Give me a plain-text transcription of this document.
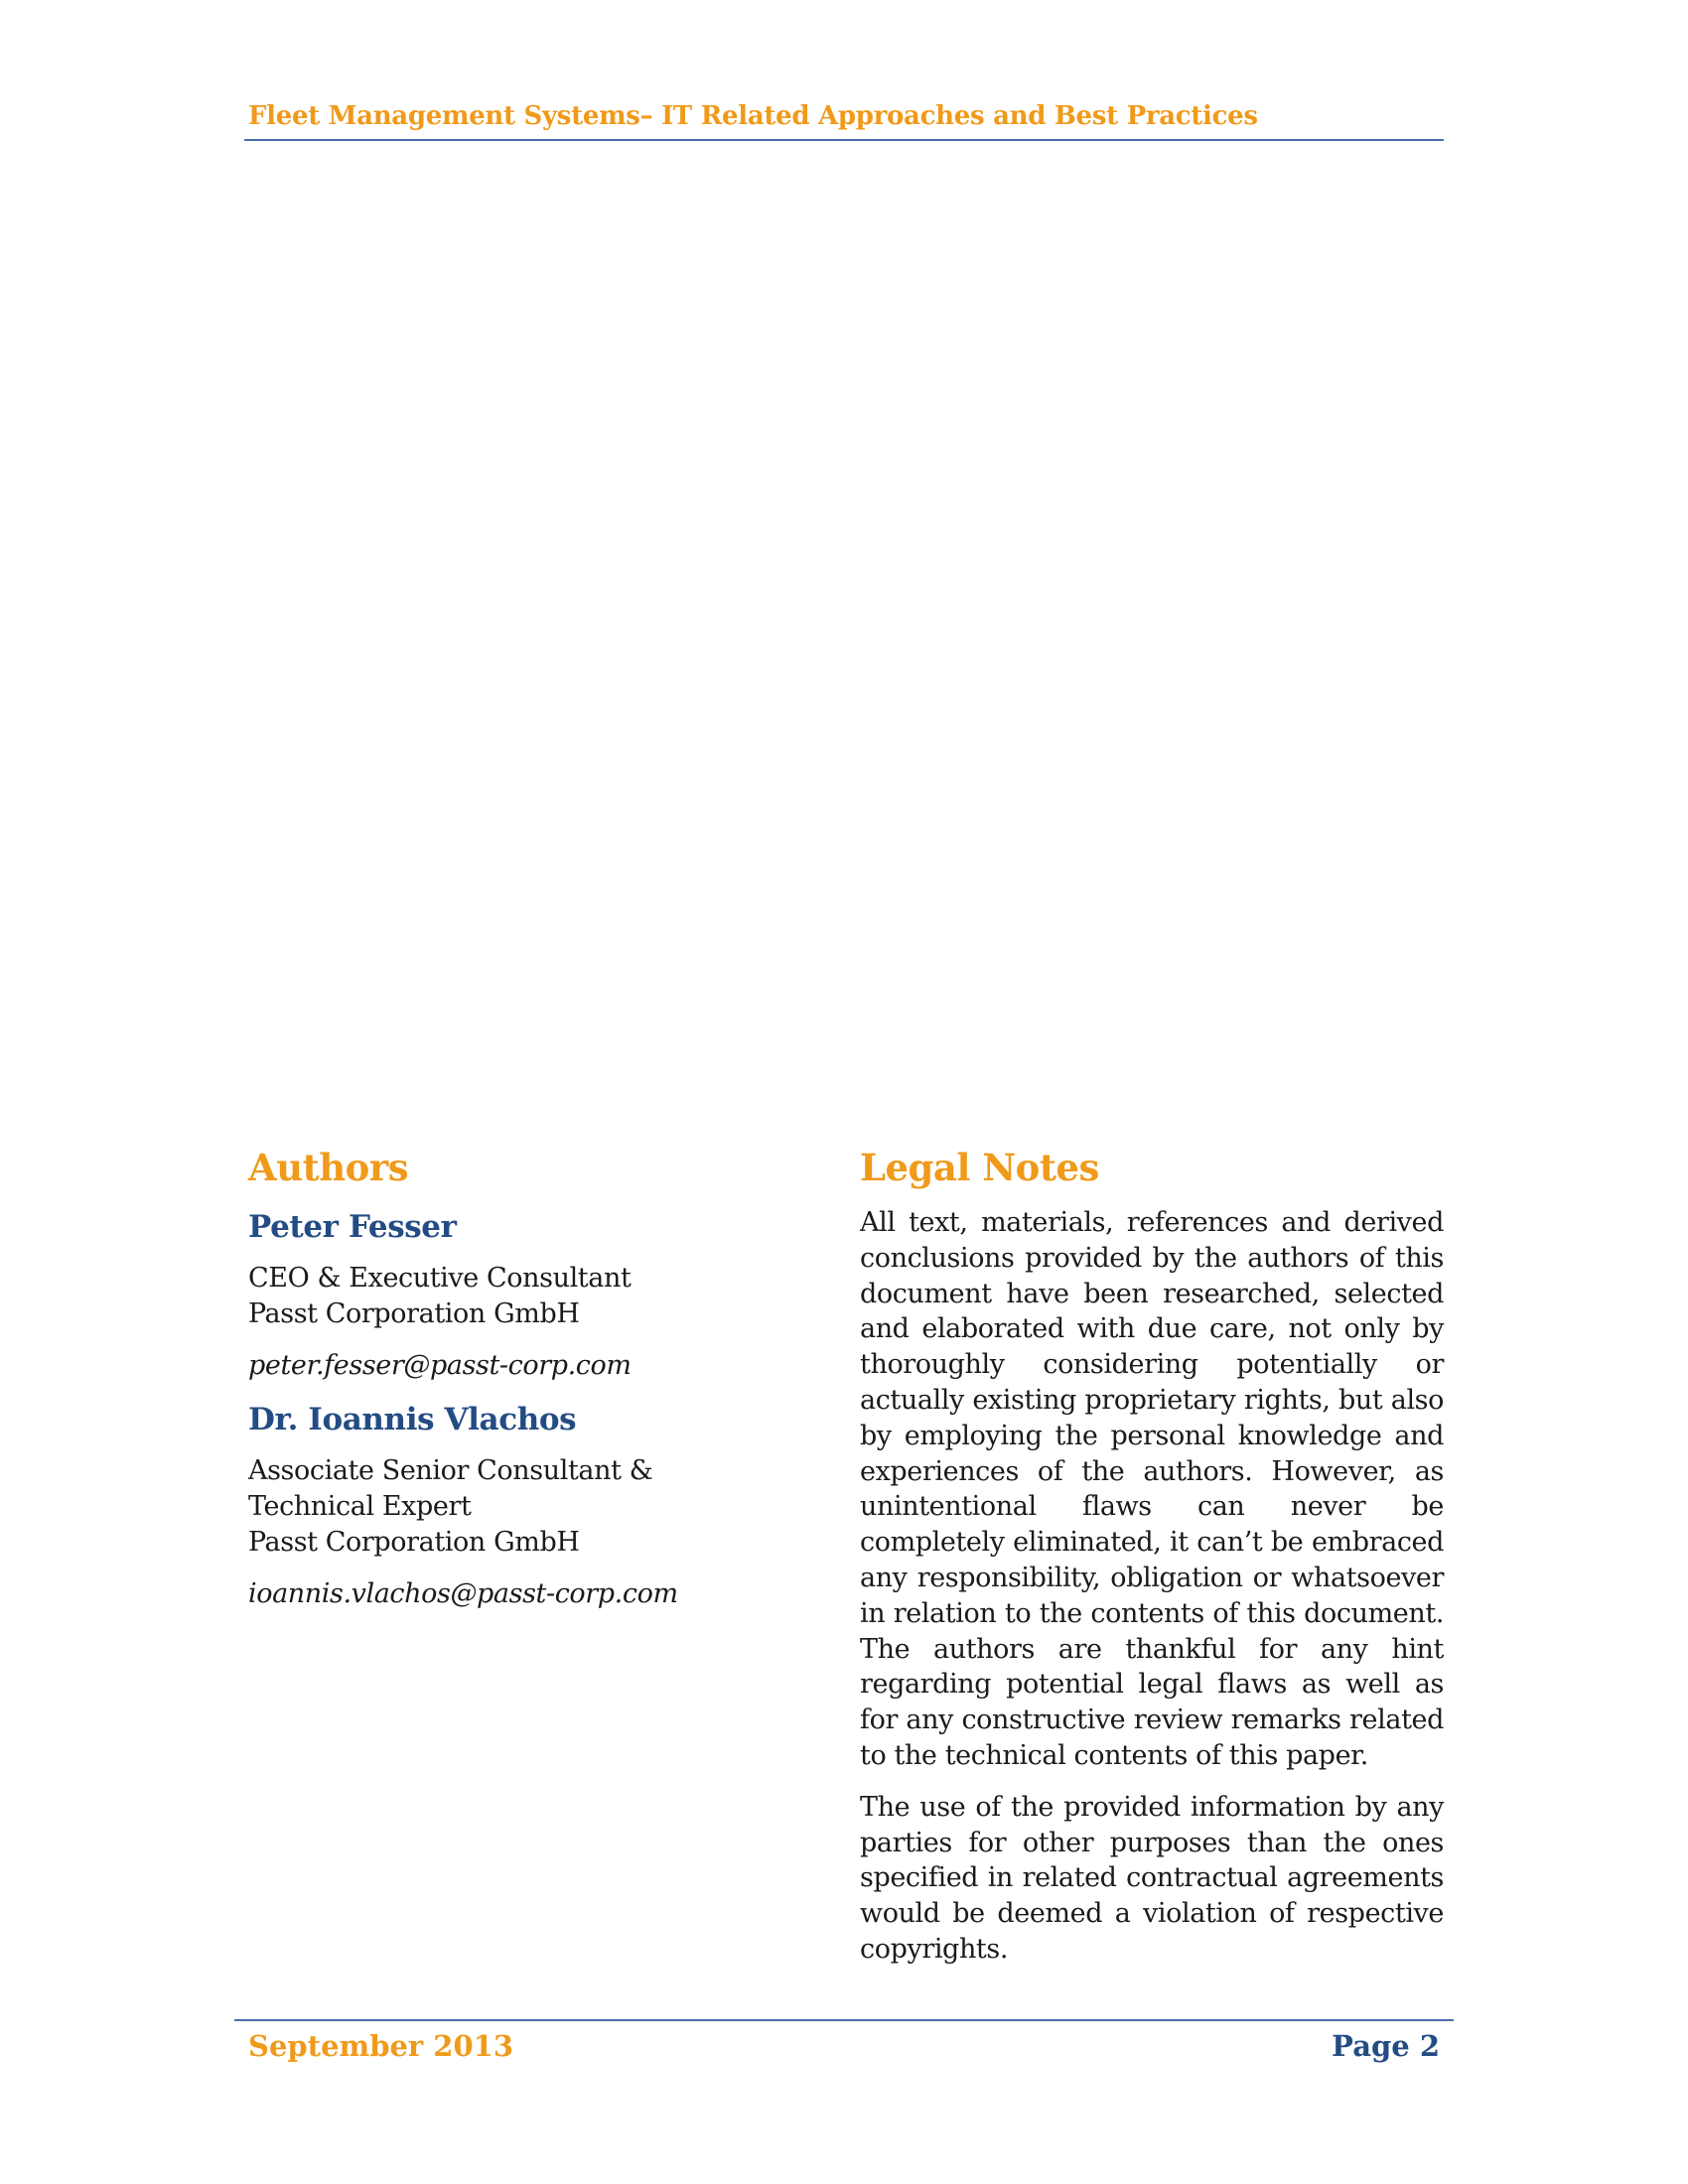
Fleet Management Systems– IT Related Approaches and Best Practices
Authors
Peter Fesser

CEO & Executive Consultant

Passt Corporation GmbH

peter.fesser@passt-corp.com

Dr. Ioannis Vlachos

Associate Senior Consultant &

Technical Expert

Passt Corporation GmbH

ioannis.vlachos@passt-corp.com

Legal Notes

All text, materials, references and derived conclusions provided by the authors of this document have been researched, selected and elaborated with due care, not only by thoroughly considering potentially or actually existing proprietary rights, but also by employing the personal knowledge and experiences of the authors. However, as unintentional flaws can never be completely eliminated, it can’t be embraced any responsibility, obligation or whatsoever in relation to the contents of this document. The authors are thankful for any hint regarding potential legal flaws as well as for any constructive review remarks related to the technical contents of this paper.

The use of the provided information by any parties for other purposes than the ones specified in related contractual agreements would be deemed a violation of respective copyrights.

September 2013	Page 2
